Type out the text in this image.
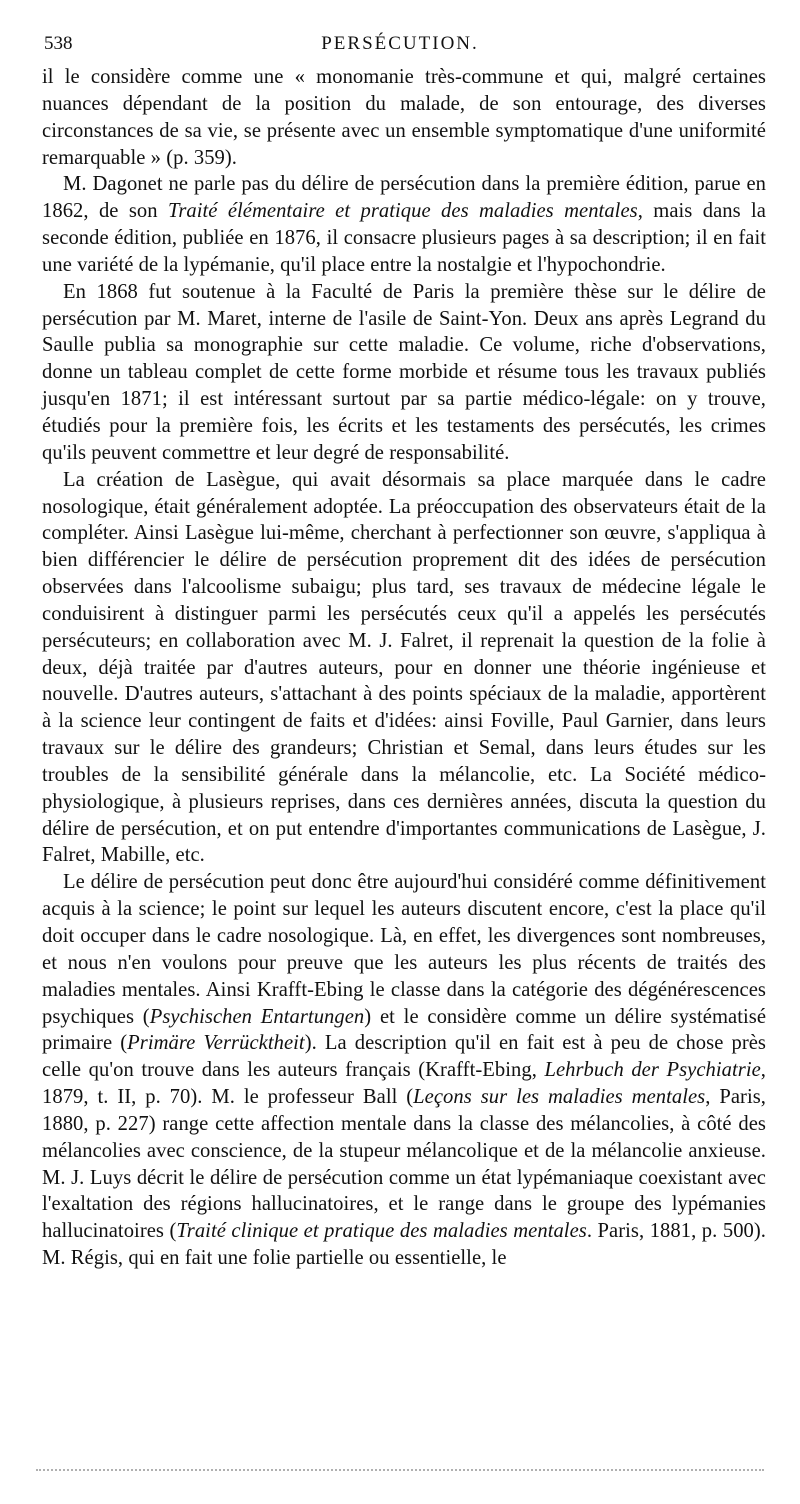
538	PERSÉCUTION.

il le considère comme une « monomanie très-commune et qui, malgré certaines nuances dépendant de la position du malade, de son entourage, des diverses circonstances de sa vie, se présente avec un ensemble symptomatique d'une uniformité remarquable » (p. 359).

M. Dagonet ne parle pas du délire de persécution dans la première édition, parue en 1862, de son Traité élémentaire et pratique des maladies mentales, mais dans la seconde édition, publiée en 1876, il consacre plusieurs pages à sa description; il en fait une variété de la lypémanie, qu'il place entre la nostalgie et l'hypochondrie.

En 1868 fut soutenue à la Faculté de Paris la première thèse sur le délire de persécution par M. Maret, interne de l'asile de Saint-Yon. Deux ans après Legrand du Saulle publia sa monographie sur cette maladie. Ce volume, riche d'observations, donne un tableau complet de cette forme morbide et résume tous les travaux publiés jusqu'en 1871; il est intéressant surtout par sa partie médico-légale: on y trouve, étudiés pour la première fois, les écrits et les testaments des persécutés, les crimes qu'ils peuvent commettre et leur degré de responsabilité.

La création de Lasègue, qui avait désormais sa place marquée dans le cadre nosologique, était généralement adoptée. La préoccupation des observateurs était de la compléter. Ainsi Lasègue lui-même, cherchant à perfectionner son œuvre, s'appliqua à bien différencier le délire de persécution proprement dit des idées de persécution observées dans l'alcoolisme subaigu; plus tard, ses travaux de médecine légale le conduisirent à distinguer parmi les persécutés ceux qu'il a appelés les persécutés persécuteurs; en collaboration avec M. J. Falret, il reprenait la question de la folie à deux, déjà traitée par d'autres auteurs, pour en donner une théorie ingénieuse et nouvelle. D'autres auteurs, s'attachant à des points spéciaux de la maladie, apportèrent à la science leur contingent de faits et d'idées: ainsi Foville, Paul Garnier, dans leurs travaux sur le délire des grandeurs; Christian et Semal, dans leurs études sur les troubles de la sensibilité générale dans la mélancolie, etc. La Société médico-physiologique, à plusieurs reprises, dans ces dernières années, discuta la question du délire de persécution, et on put entendre d'importantes communications de Lasègue, J. Falret, Mabille, etc.

Le délire de persécution peut donc être aujourd'hui considéré comme définitivement acquis à la science; le point sur lequel les auteurs discutent encore, c'est la place qu'il doit occuper dans le cadre nosologique. Là, en effet, les divergences sont nombreuses, et nous n'en voulons pour preuve que les auteurs les plus récents de traités des maladies mentales. Ainsi Krafft-Ebing le classe dans la catégorie des dégénérescences psychiques (Psychischen Entartungen) et le considère comme un délire systématisé primaire (Primäre Verrücktheit). La description qu'il en fait est à peu de chose près celle qu'on trouve dans les auteurs français (Krafft-Ebing, Lehrbuch der Psychiatrie, 1879, t. II, p. 70). M. le professeur Ball (Leçons sur les maladies mentales, Paris, 1880, p. 227) range cette affection mentale dans la classe des mélancolies, à côté des mélancolies avec conscience, de la stupeur mélancolique et de la mélancolie anxieuse. M. J. Luys décrit le délire de persécution comme un état lypémaniaque coexistant avec l'exaltation des régions hallucinatoires, et le range dans le groupe des lypémanies hallucinatoires (Traité clinique et pratique des maladies mentales. Paris, 1881, p. 500). M. Régis, qui en fait une folie partielle ou essentielle, le
